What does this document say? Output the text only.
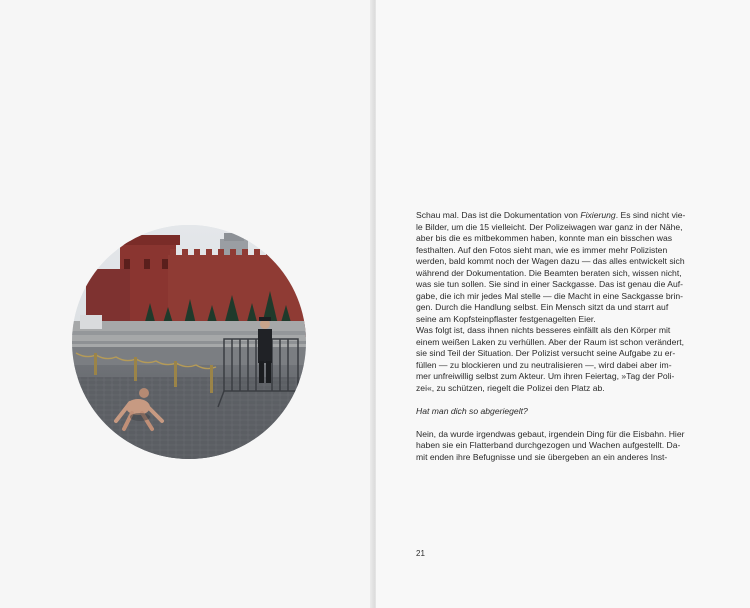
Schau mal. Das ist die Dokumentation von Fixierung. Es sind nicht vie-

le Bilder, um die 15 vielleicht. Der Polizeiwagen war ganz in der Nähe,

aber bis die es mitbekommen haben, konnte man ein bisschen was

festhalten. Auf den Fotos sieht man, wie es immer mehr Polizisten

werden, bald kommt noch der Wagen dazu — das alles entwickelt sich

während der Dokumentation. Die Beamten beraten sich, wissen nicht,

was sie tun sollen. Sie sind in einer Sackgasse. Das ist genau die Auf-

gabe, die ich mir jedes Mal stelle — die Macht in eine Sackgasse brin-

gen. Durch die Handlung selbst. Ein Mensch sitzt da und starrt auf

seine am Kopfsteinpflaster festgenagelten Eier.

Was folgt ist, dass ihnen nichts besseres einfällt als den Körper mit

einem weißen Laken zu verhüllen. Aber der Raum ist schon verändert,

sie sind Teil der Situation. Der Polizist versucht seine Aufgabe zu er-

füllen — zu blockieren und zu neutralisieren —, wird dabei aber im-

mer unfreiwillig selbst zum Akteur. Um ihren Feiertag, »Tag der Poli-

zei«, zu schützen, riegelt die Polizei den Platz ab.

Hat man dich so abgeriegelt?

Nein, da wurde irgendwas gebaut, irgendein Ding für die Eisbahn. Hier

haben sie ein Flatterband durchgezogen und Wachen aufgestellt. Da-

mit enden ihre Befugnisse und sie übergeben an ein anderes Inst-

21
